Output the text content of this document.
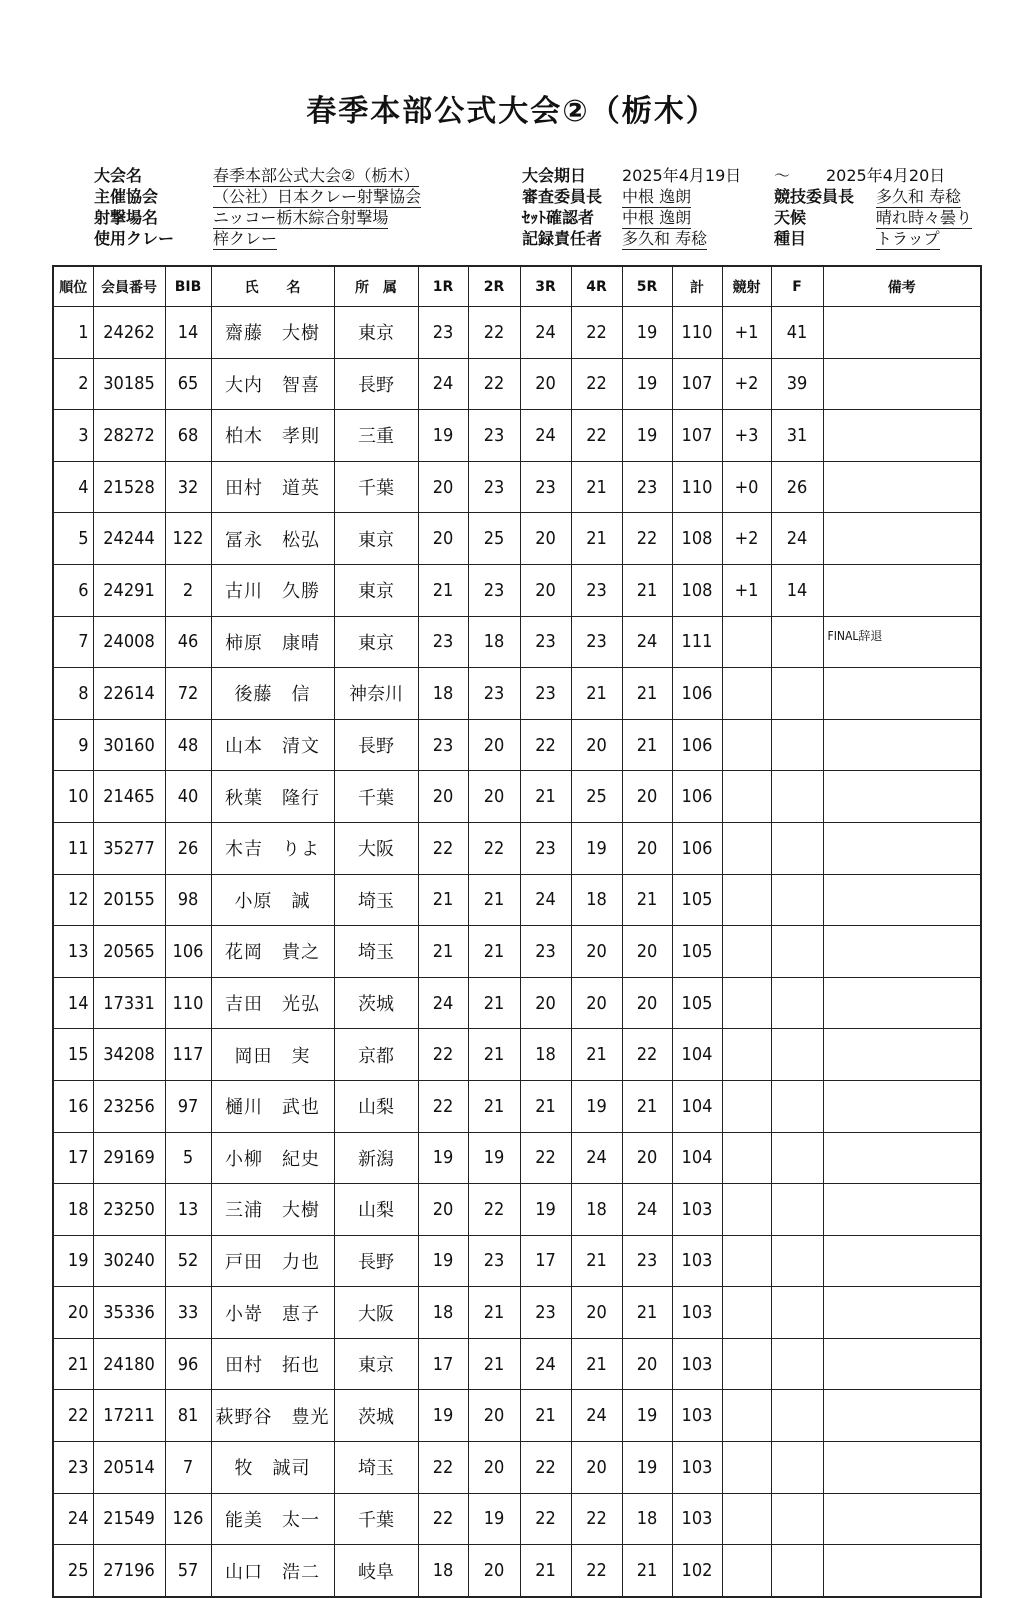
春季本部公式大会②（栃木）
大会名	春季本部公式大会②（栃木）
主催協会	（公社）日本クレー射撃協会
射撃場名	ニッコー栃木綜合射撃場
使用クレー 梓クレー
大会期日 2025年4月19日 ～ 2025年4月20日
審査委員長 中根 逸朗
ｾｯﾄ確認者 中根 逸朗
記録責任者 多久和 寿稔
競技委員長 多久和 寿稔
天候	晴れ時々曇り
種目	トラップ
順位	会員番号	BIB	氏　　名	所　属	1R	2R	3R	4R	5R	計	競射	F	備考
1	24262	14	齋藤　大樹	東京	23	22	24	22	19	110	+1	41	
2	30185	65	大内　智喜	長野	24	22	20	22	19	107	+2	39	
3	28272	68	柏木　孝則	三重	19	23	24	22	19	107	+3	31	
4	21528	32	田村　道英	千葉	20	23	23	21	23	110	+0	26	
5	24244	122	冨永　松弘	東京	20	25	20	21	22	108	+2	24	
6	24291	2	古川　久勝	東京	21	23	20	23	21	108	+1	14	
7	24008	46	柿原　康晴	東京	23	18	23	23	24	111			FINAL辞退
8	22614	72	後藤　信	神奈川	18	23	23	21	21	106			
9	30160	48	山本　清文	長野	23	20	22	20	21	106			
10	21465	40	秋葉　隆行	千葉	20	20	21	25	20	106			
11	35277	26	木吉　りよ	大阪	22	22	23	19	20	106			
12	20155	98	小原　誠	埼玉	21	21	24	18	21	105			
13	20565	106	花岡　貴之	埼玉	21	21	23	20	20	105			
14	17331	110	吉田　光弘	茨城	24	21	20	20	20	105			
15	34208	117	岡田　実	京都	22	21	18	21	22	104			
16	23256	97	樋川　武也	山梨	22	21	21	19	21	104			
17	29169	5	小柳　紀史	新潟	19	19	22	24	20	104			
18	23250	13	三浦　大樹	山梨	20	22	19	18	24	103			
19	30240	52	戸田　力也	長野	19	23	17	21	23	103			
20	35336	33	小嵜　恵子	大阪	18	21	23	20	21	103			
21	24180	96	田村　拓也	東京	17	21	24	21	20	103			
22	17211	81	萩野谷　豊光	茨城	19	20	21	24	19	103			
23	20514	7	牧　誠司	埼玉	22	20	22	20	19	103			
24	21549	126	能美　太一	千葉	22	19	22	22	18	103			
25	27196	57	山口　浩二	岐阜	18	20	21	22	21	102			
